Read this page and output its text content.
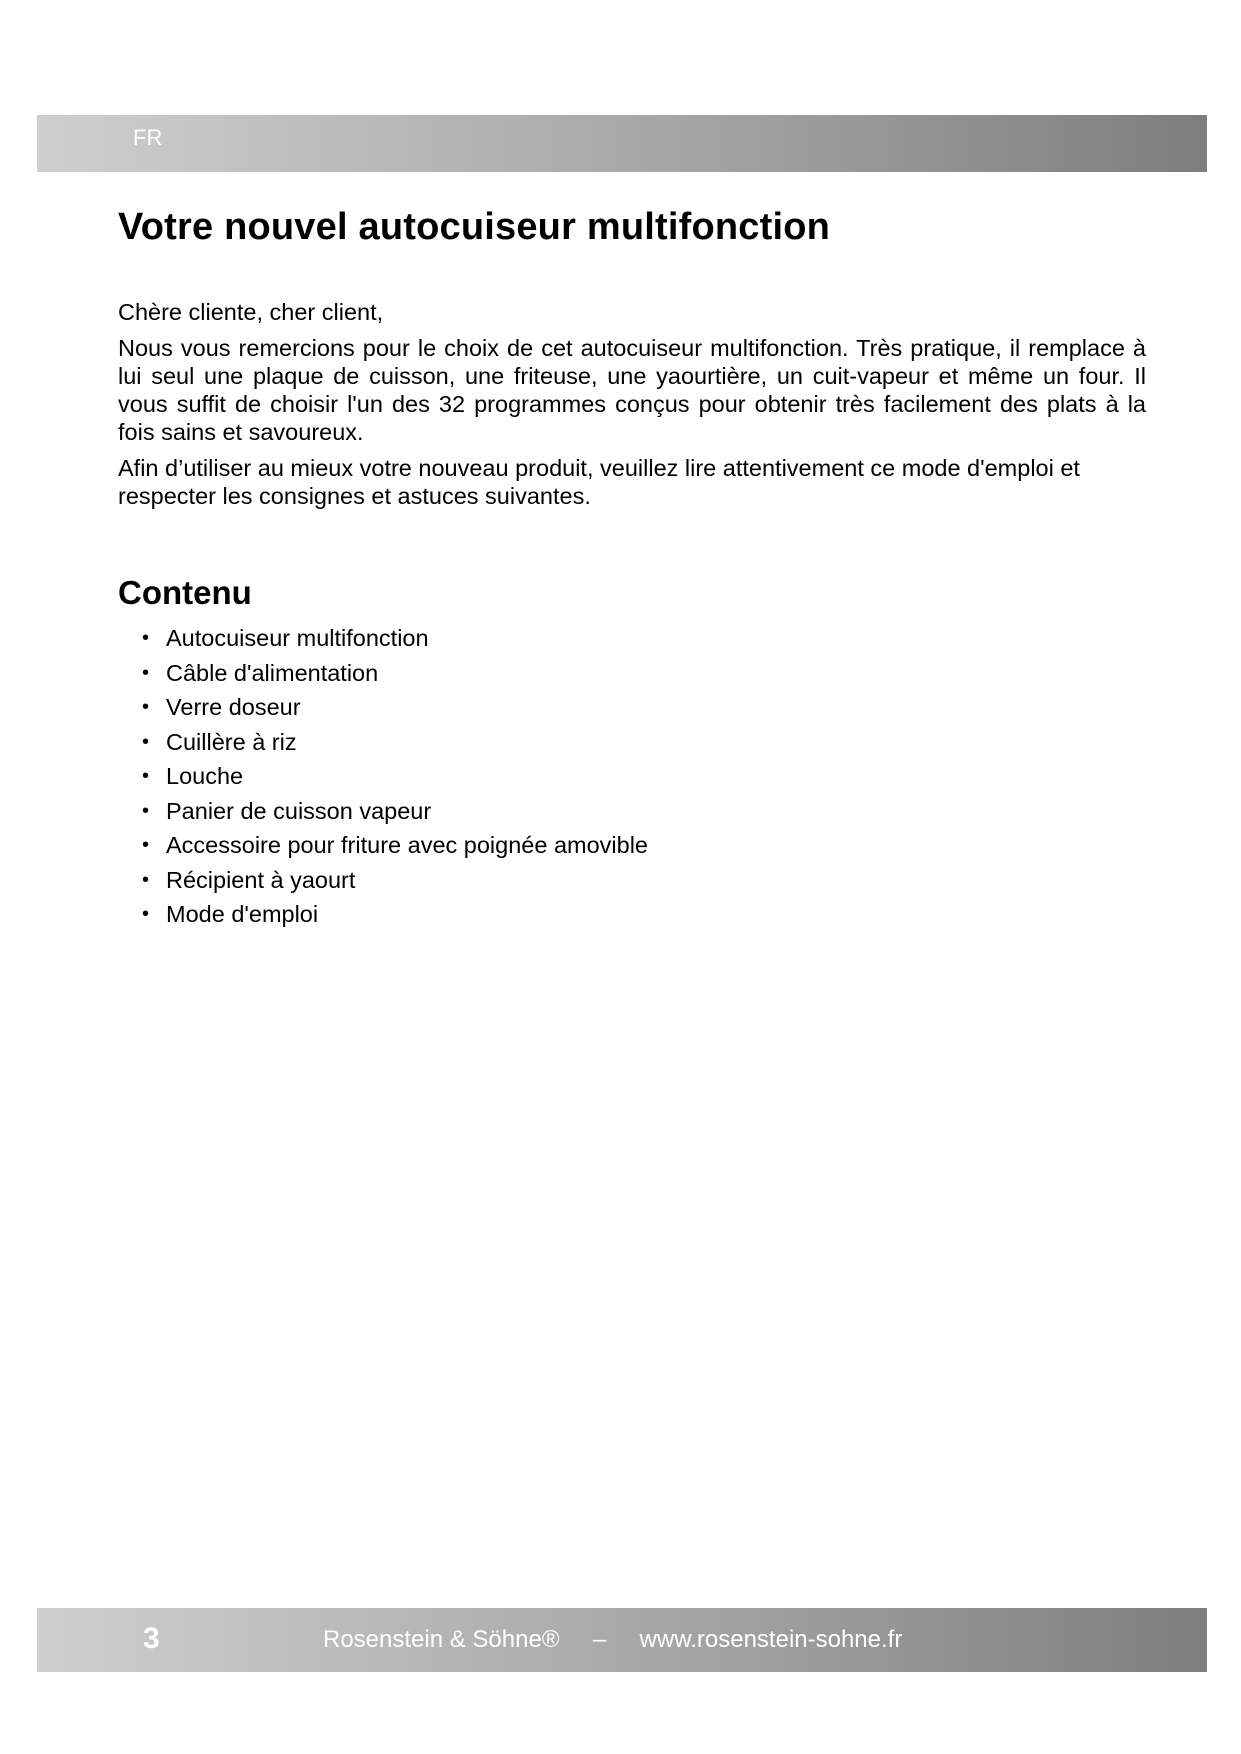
FR
Votre nouvel autocuiseur multifonction

Chère cliente, cher client,

Nous vous remercions pour le choix de cet autocuiseur multifonction. Très pratique, il remplace à lui seul une plaque de cuisson, une friteuse, une yaourtière, un cuit-vapeur et même un four. Il vous suffit de choisir l'un des 32 programmes conçus pour obtenir très facilement des plats à la fois sains et savoureux.

Afin d’utiliser au mieux votre nouveau produit, veuillez lire attentivement ce mode d'emploi et respecter les consignes et astuces suivantes.

Contenu
• Autocuiseur multifonction
• Câble d'alimentation
• Verre doseur
• Cuillère à riz
• Louche
• Panier de cuisson vapeur
• Accessoire pour friture avec poignée amovible
• Récipient à yaourt
• Mode d'emploi
3	Rosenstein & Söhne® – www.rosenstein-sohne.fr
